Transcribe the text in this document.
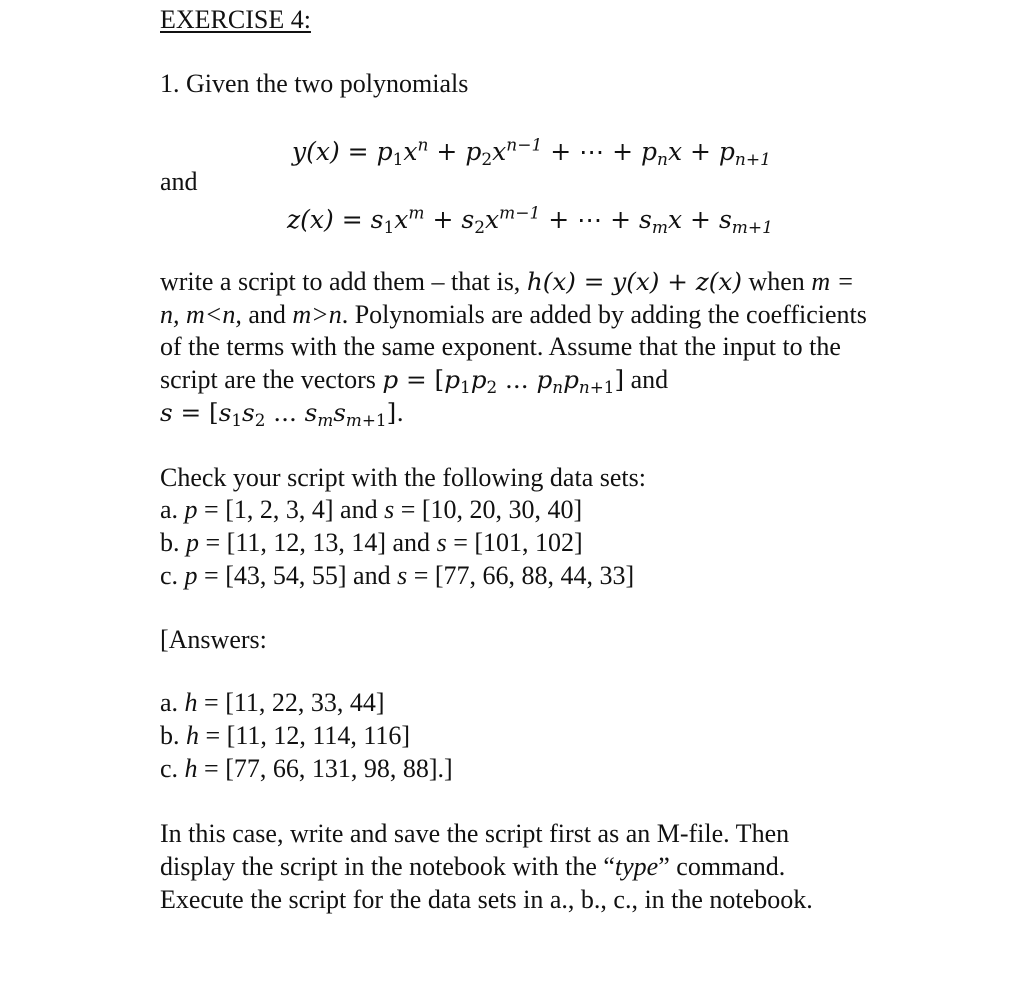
EXERCISE 4:
1. Given the two polynomials
$y(x) = p_1x^n + p_2x^{n-1}$ + ⋯ + $p_nx + p_{n+1}$
and
$z(x) = s_1x^m + s_2x^{m-1}$ + ⋯ + $s_mx + s_{m+1}$
write a script to add them – that is, h(x) = y(x) + z(x) when m =
n, m<n, and m>n. Polynomials are added by adding the coefficients
of the terms with the same exponent. Assume that the input to the
script are the vectors $p = [p_1p_2$ ... $p_np_{n+1}$] and
$s = [s_1s_2$ ... $s_ms_{m+1}$].
Check your script with the following data sets:
a. p = [1, 2, 3, 4] and s = [10, 20, 30, 40]
b. p = [11, 12, 13, 14] and s = [101, 102]
c. p = [43, 54, 55] and s = [77, 66, 88, 44, 33]
[Answers:
a. h = [11, 22, 33, 44]
b. h = [11, 12, 114, 116]
c. h = [77, 66, 131, 98, 88].]
In this case, write and save the script first as an M-file. Then
display the script in the notebook with the “type” command.
Execute the script for the data sets in a., b., c., in the notebook.
